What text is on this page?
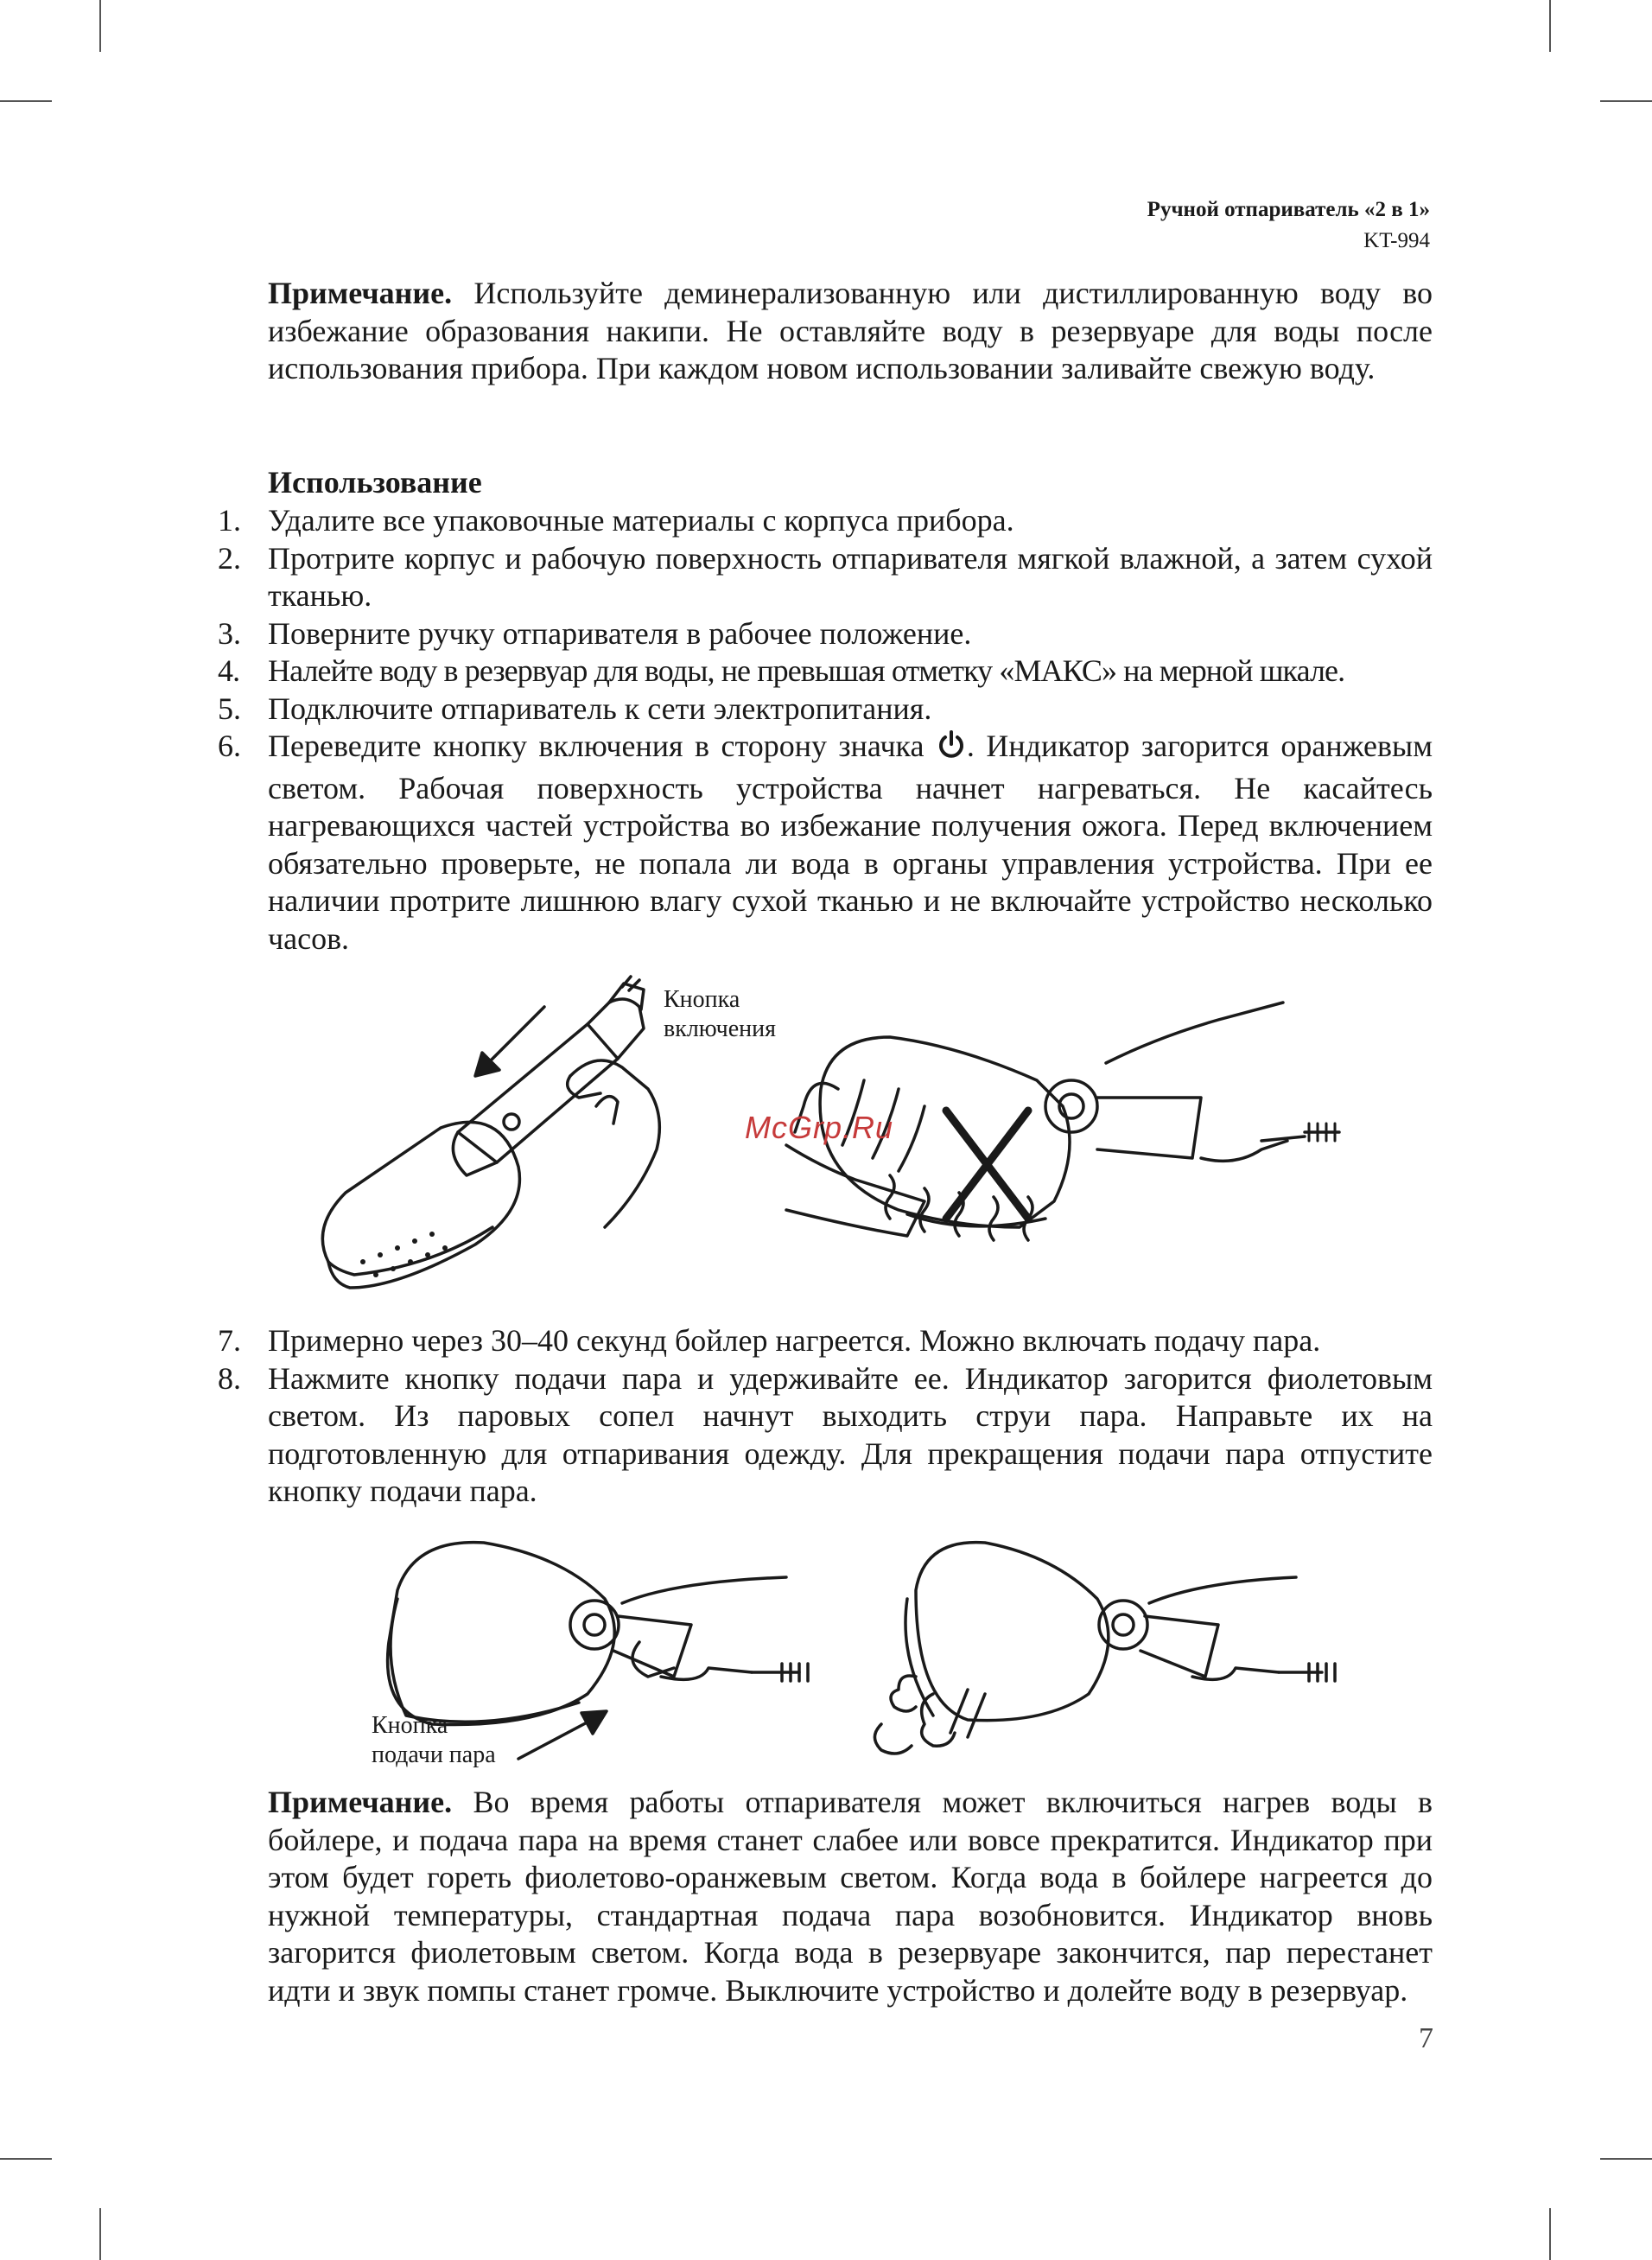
Ручной отпариватель «2 в 1»
KT-994

Примечание. Используйте деминерализованную или дистиллированную воду во избежание образования накипи. Не оставляйте воду в резервуаре для воды после использования прибора. При каждом новом использовании заливайте свежую воду.

Использование
1. Удалите все упаковочные материалы с корпуса прибора.
2. Протрите корпус и рабочую поверхность отпаривателя мягкой влажной, а затем сухой тканью.
3. Поверните ручку отпаривателя в рабочее положение.
4. Налейте воду в резервуар для воды, не превышая отметку «МАКС» на мерной шкале.
5. Подключите отпариватель к сети электропитания.
6. Переведите кнопку включения в сторону значка . Индикатор загорится оранжевым светом. Рабочая поверхность устройства начнет нагреваться. Не касайтесь нагревающихся частей устройства во избежание получения ожога. Перед включением обязательно проверьте, не попала ли вода в органы управления устройства. При ее наличии протрите лишнюю влагу сухой тканью и не включайте устройство несколько часов.
Кнопка
включения
McGrp.Ru
7. Примерно через 30–40 секунд бойлер нагреется. Можно включать подачу пара.
8. Нажмите кнопку подачи пара и удерживайте ее. Индикатор загорится фиолетовым светом. Из паровых сопел начнут выходить струи пара. Направьте их на подготовленную для отпаривания одежду. Для прекращения подачи пара отпустите кнопку подачи пара.
Кнопка
подачи пара

Примечание. Во время работы отпаривателя может включиться нагрев воды в бойлере, и подача пара на время станет слабее или вовсе прекратится. Индикатор при этом будет гореть фиолетово-оранжевым светом. Когда вода в бойлере нагреется до нужной температуры, стандартная подача пара возобновится. Индикатор вновь загорится фиолетовым светом. Когда вода в резервуаре закончится, пар перестанет идти и звук помпы станет громче. Выключите устройство и долейте воду в резервуар.

7
